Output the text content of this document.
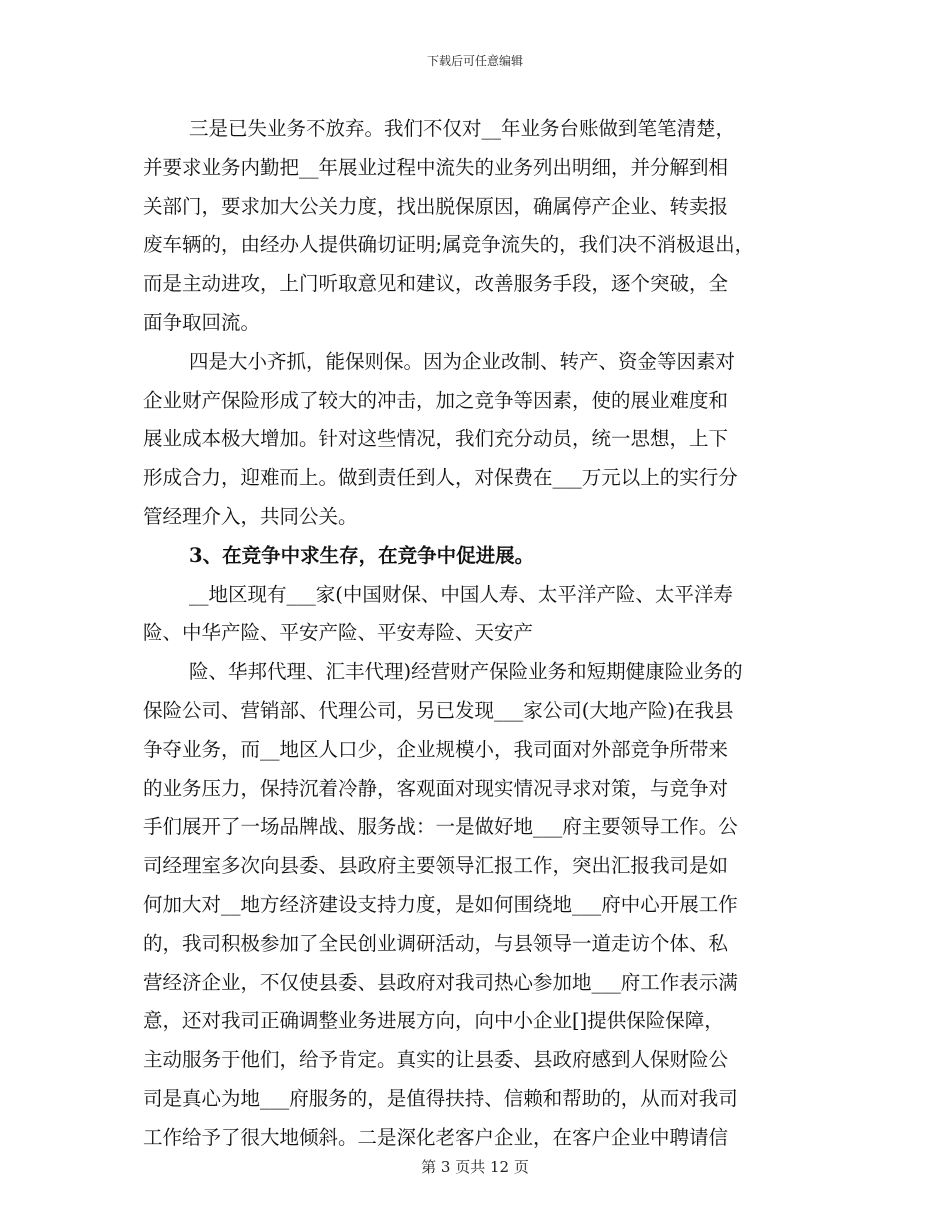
下载后可任意编辑
三是已失业务不放弃。我们不仅对__年业务台账做到笔笔清楚，
并要求业务内勤把__年展业过程中流失的业务列出明细，并分解到相
关部门，要求加大公关力度，找出脱保原因，确属停产企业、转卖报
废车辆的，由经办人提供确切证明;属竞争流失的，我们决不消极退出，
而是主动进攻，上门听取意见和建议，改善服务手段，逐个突破，全
面争取回流。
四是大小齐抓，能保则保。因为企业改制、转产、资金等因素对
企业财产保险形成了较大的冲击，加之竞争等因素，使的展业难度和
展业成本极大增加。针对这些情况，我们充分动员，统一思想，上下
形成合力，迎难而上。做到责任到人，对保费在___万元以上的实行分
管经理介入，共同公关。
3、在竞争中求生存，在竞争中促进展。
__地区现有___家(中国财保、中国人寿、太平洋产险、太平洋寿
险、中华产险、平安产险、平安寿险、天安产
险、华邦代理、汇丰代理)经营财产保险业务和短期健康险业务的
保险公司、营销部、代理公司，另已发现___家公司(大地产险)在我县
争夺业务，而__地区人口少，企业规模小，我司面对外部竞争所带来
的业务压力，保持沉着冷静，客观面对现实情况寻求对策，与竞争对
手们展开了一场品牌战、服务战：一是做好地___府主要领导工作。公
司经理室多次向县委、县政府主要领导汇报工作，突出汇报我司是如
何加大对__地方经济建设支持力度，是如何围绕地___府中心开展工作
的，我司积极参加了全民创业调研活动，与县领导一道走访个体、私
营经济企业，不仅使县委、县政府对我司热心参加地___府工作表示满
意，还对我司正确调整业务进展方向，向中小企业[]提供保险保障，
主动服务于他们，给予肯定。真实的让县委、县政府感到人保财险公
司是真心为地___府服务的，是值得扶持、信赖和帮助的，从而对我司
工作给予了很大地倾斜。二是深化老客户企业，在客户企业中聘请信
第 3 页共 12 页
